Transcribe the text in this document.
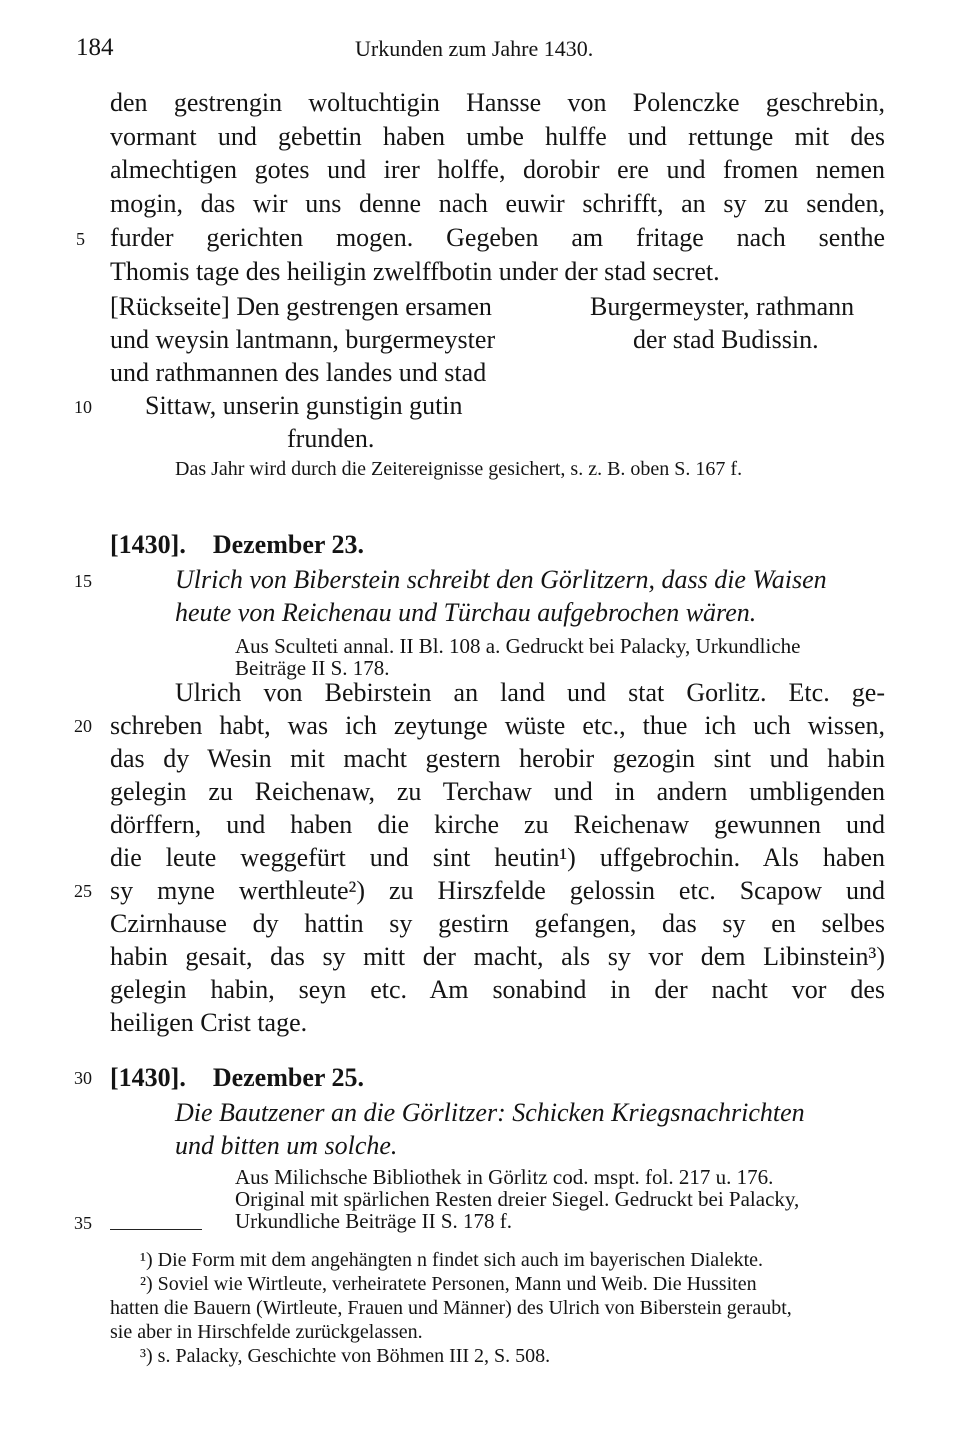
184	Urkunden zum Jahre 1430.
den gestrengin woltuchtigin Hansse von Polenczke geschrebin,
vormant und gebettin haben umbe hulffe und rettunge mit des
almechtigen gotes und irer holffe, dorobir ere und fromen nemen
mogin, das wir uns denne nach euwir schrifft, an sy zu senden,
furder gerichten mogen. Gegeben am fritage nach senthe
Thomis tage des heiligin zwelffbotin under der stad secret.
[Rückseite] Den gestrengen ersamen
und weysin lantmann, burgermeyster
und rathmannen des landes und stad
Sittaw, unserin gunstigin gutin
frunden.
Burgermeyster, rathmann
der stad Budissin.
Das Jahr wird durch die Zeitereignisse gesichert, s. z. B. oben S. 167 f.
[1430]. Dezember 23.
Ulrich von Biberstein schreibt den Görlitzern, dass die Waisen
heute von Reichenau und Türchau aufgebrochen wären.
Aus Sculteti annal. II Bl. 108 a. Gedruckt bei Palacky, Urkundliche
Beiträge II S. 178.
Ulrich von Bebirstein an land und stat Gorlitz. Etc. ge-
schreben habt, was ich zeytunge wüste etc., thue ich uch wissen,
das dy Wesin mit macht gestern herobir gezogin sint und habin
gelegin zu Reichenaw, zu Terchaw und in andern umbligenden
dörffern, und haben die kirche zu Reichenaw gewunnen und
die leute weggefürt und sint heutin¹) uffgebrochin. Als haben
sy myne werthleute²) zu Hirszfelde gelossin etc. Scapow und
Czirnhause dy hattin sy gestirn gefangen, das sy en selbes
habin gesait, das sy mitt der macht, als sy vor dem Libinstein³)
gelegin habin, seyn etc. Am sonabind in der nacht vor des
heiligen Crist tage.
[1430]. Dezember 25.
Die Bautzener an die Görlitzer: Schicken Kriegsnachrichten
und bitten um solche.
Aus Milichsche Bibliothek in Görlitz cod. mspt. fol. 217 u. 176.
Original mit spärlichen Resten dreier Siegel. Gedruckt bei Palacky,
Urkundliche Beiträge II S. 178 f.
¹) Die Form mit dem angehängten n findet sich auch im bayerischen Dialekte.
²) Soviel wie Wirtleute, verheiratete Personen, Mann und Weib. Die Hussiten
hatten die Bauern (Wirtleute, Frauen und Männer) des Ulrich von Biberstein geraubt,
sie aber in Hirschfelde zurückgelassen.
³) s. Palacky, Geschichte von Böhmen III 2, S. 508.
5
10
15
20
25
30
35
